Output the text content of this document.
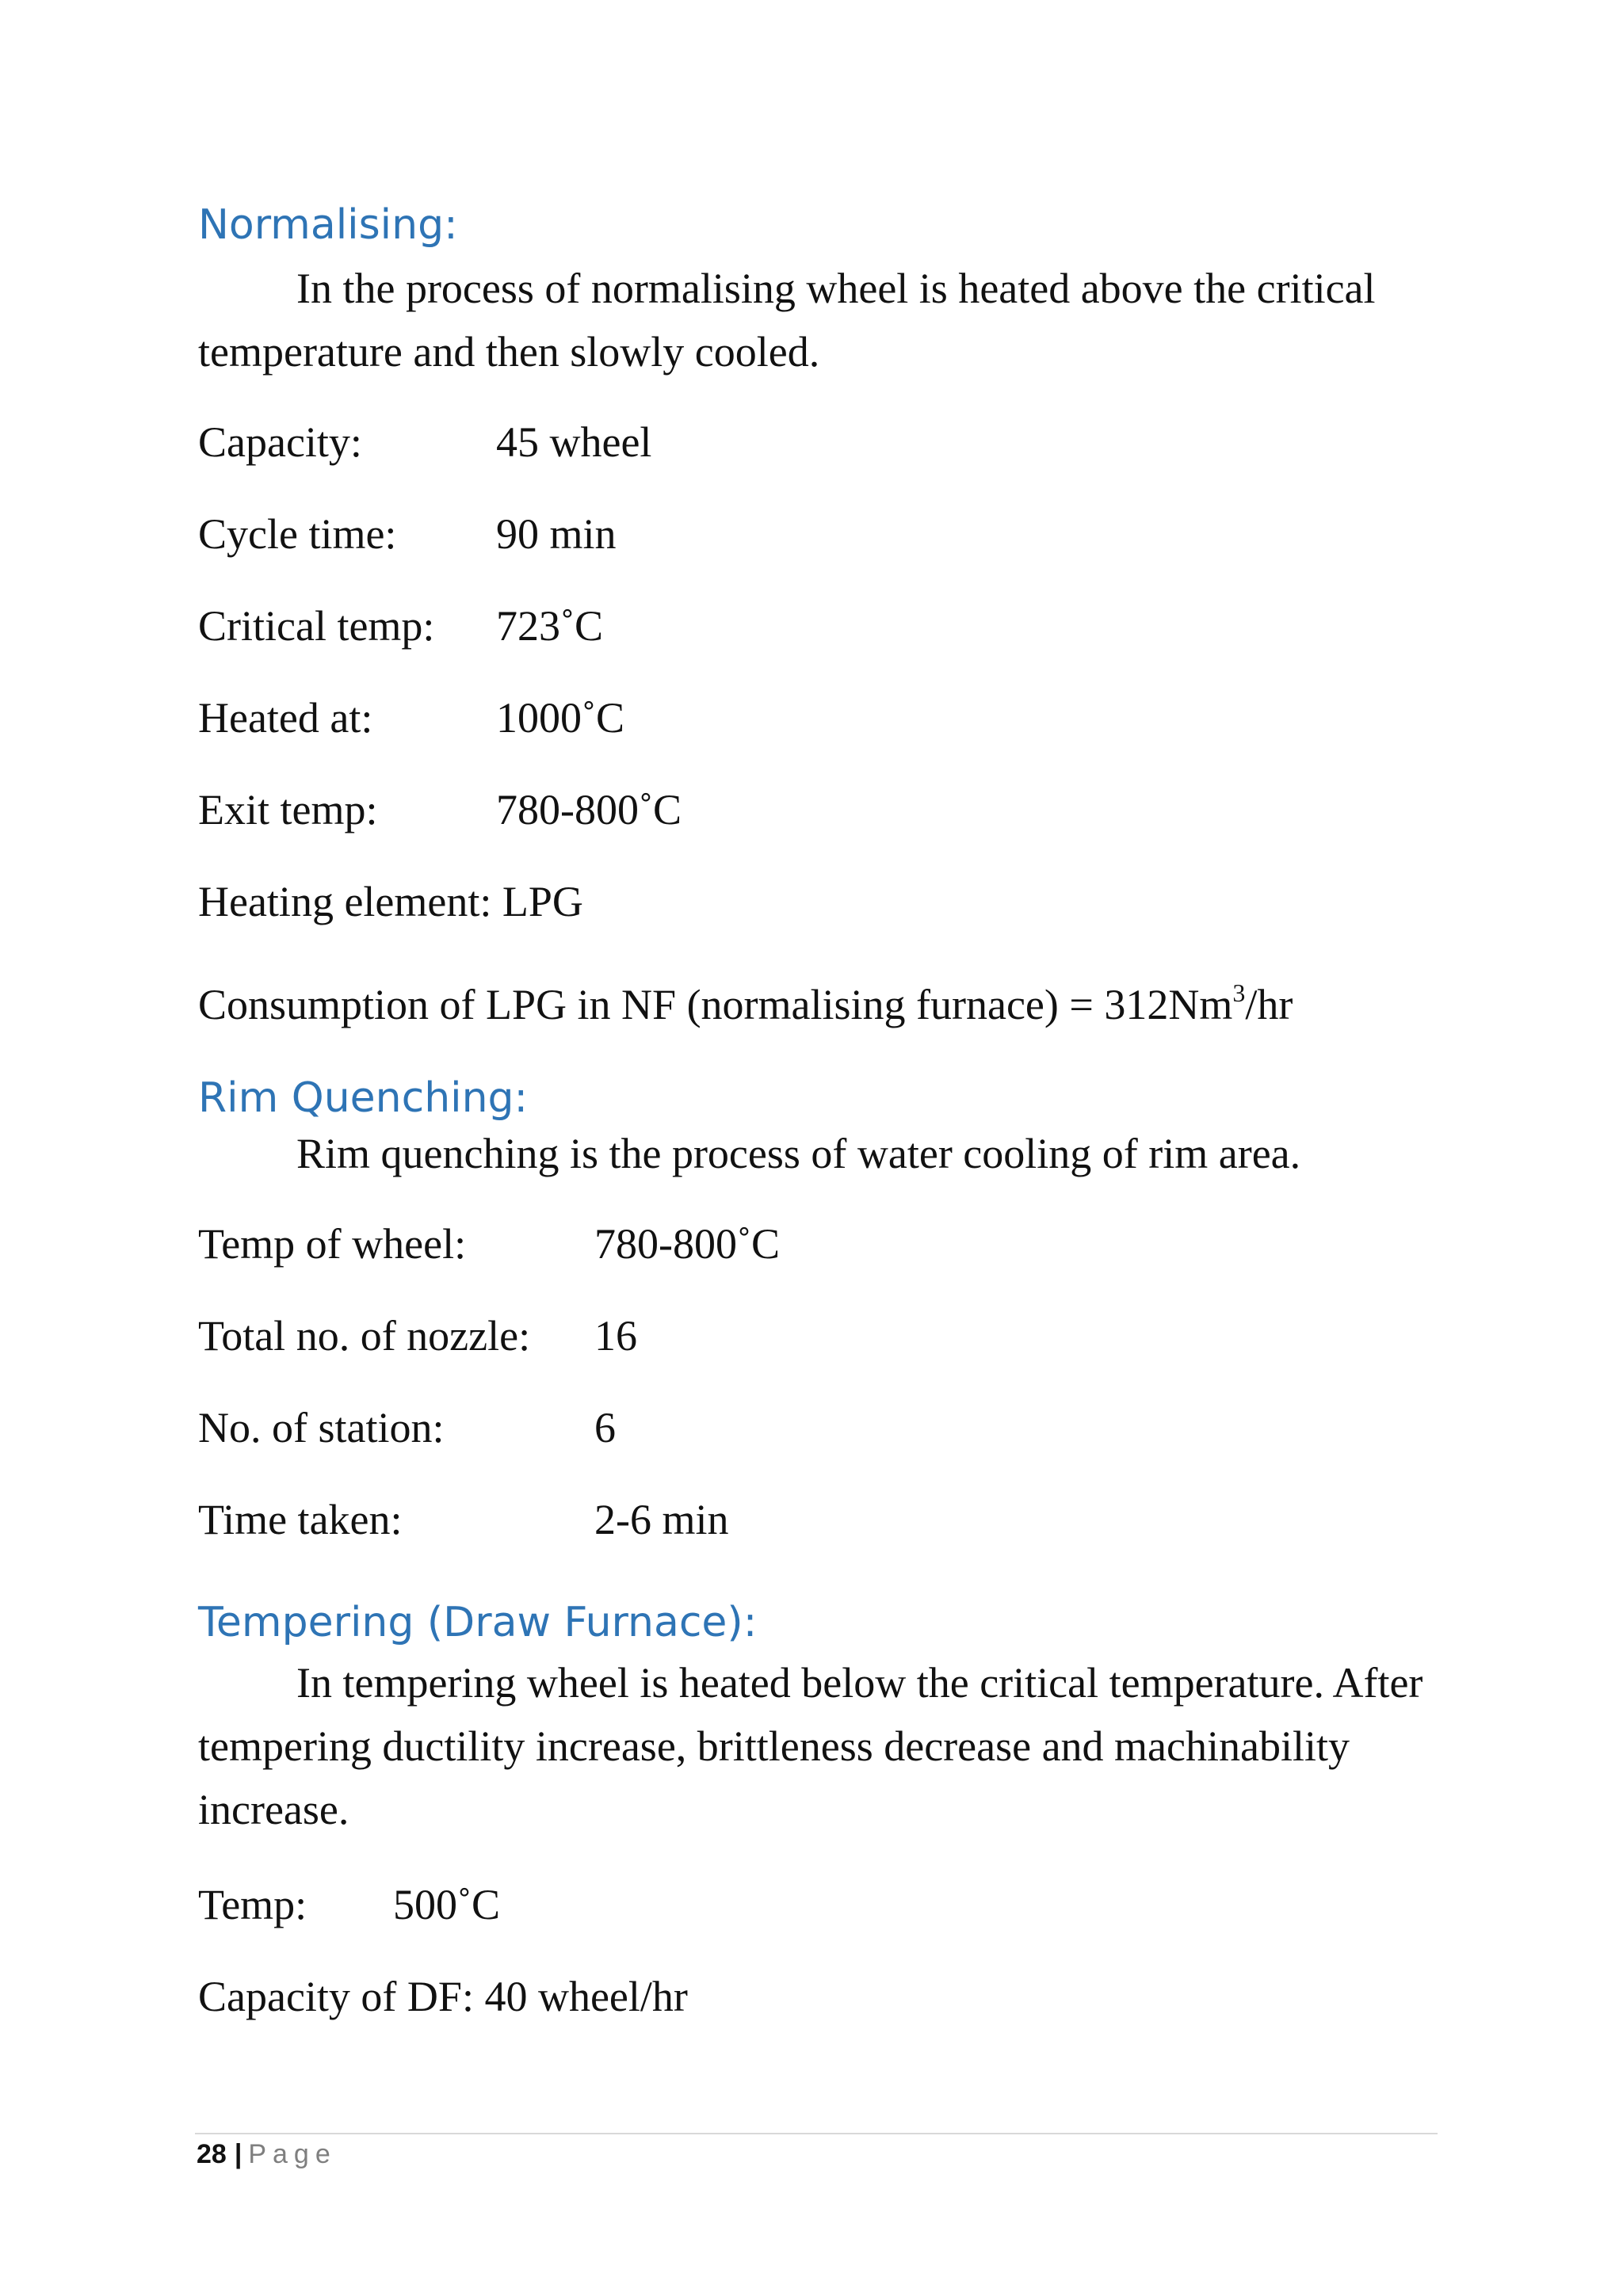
Normalising:

In the process of normalising wheel is heated above the critical temperature and then slowly cooled.

Capacity:	45 wheel
Cycle time: 90 min
Critical temp: 723˚C
Heated at:	1000˚C
Exit temp:	780-800˚C
Heating element: LPG
Consumption of LPG in NF (normalising furnace) = $312Nm^3/hr$
Rim Quenching:

Rim quenching is the process of water cooling of rim area.

Temp of wheel:	780-800˚C
Total no. of nozzle: 16
No. of station:	6
Time taken:	2-6 min
Tempering (Draw Furnace):

In tempering wheel is heated below the critical temperature. After tempering ductility increase, brittleness decrease and machinability increase.

Temp: 500˚C
Capacity of DF: 40 wheel/hr
28 | Page
